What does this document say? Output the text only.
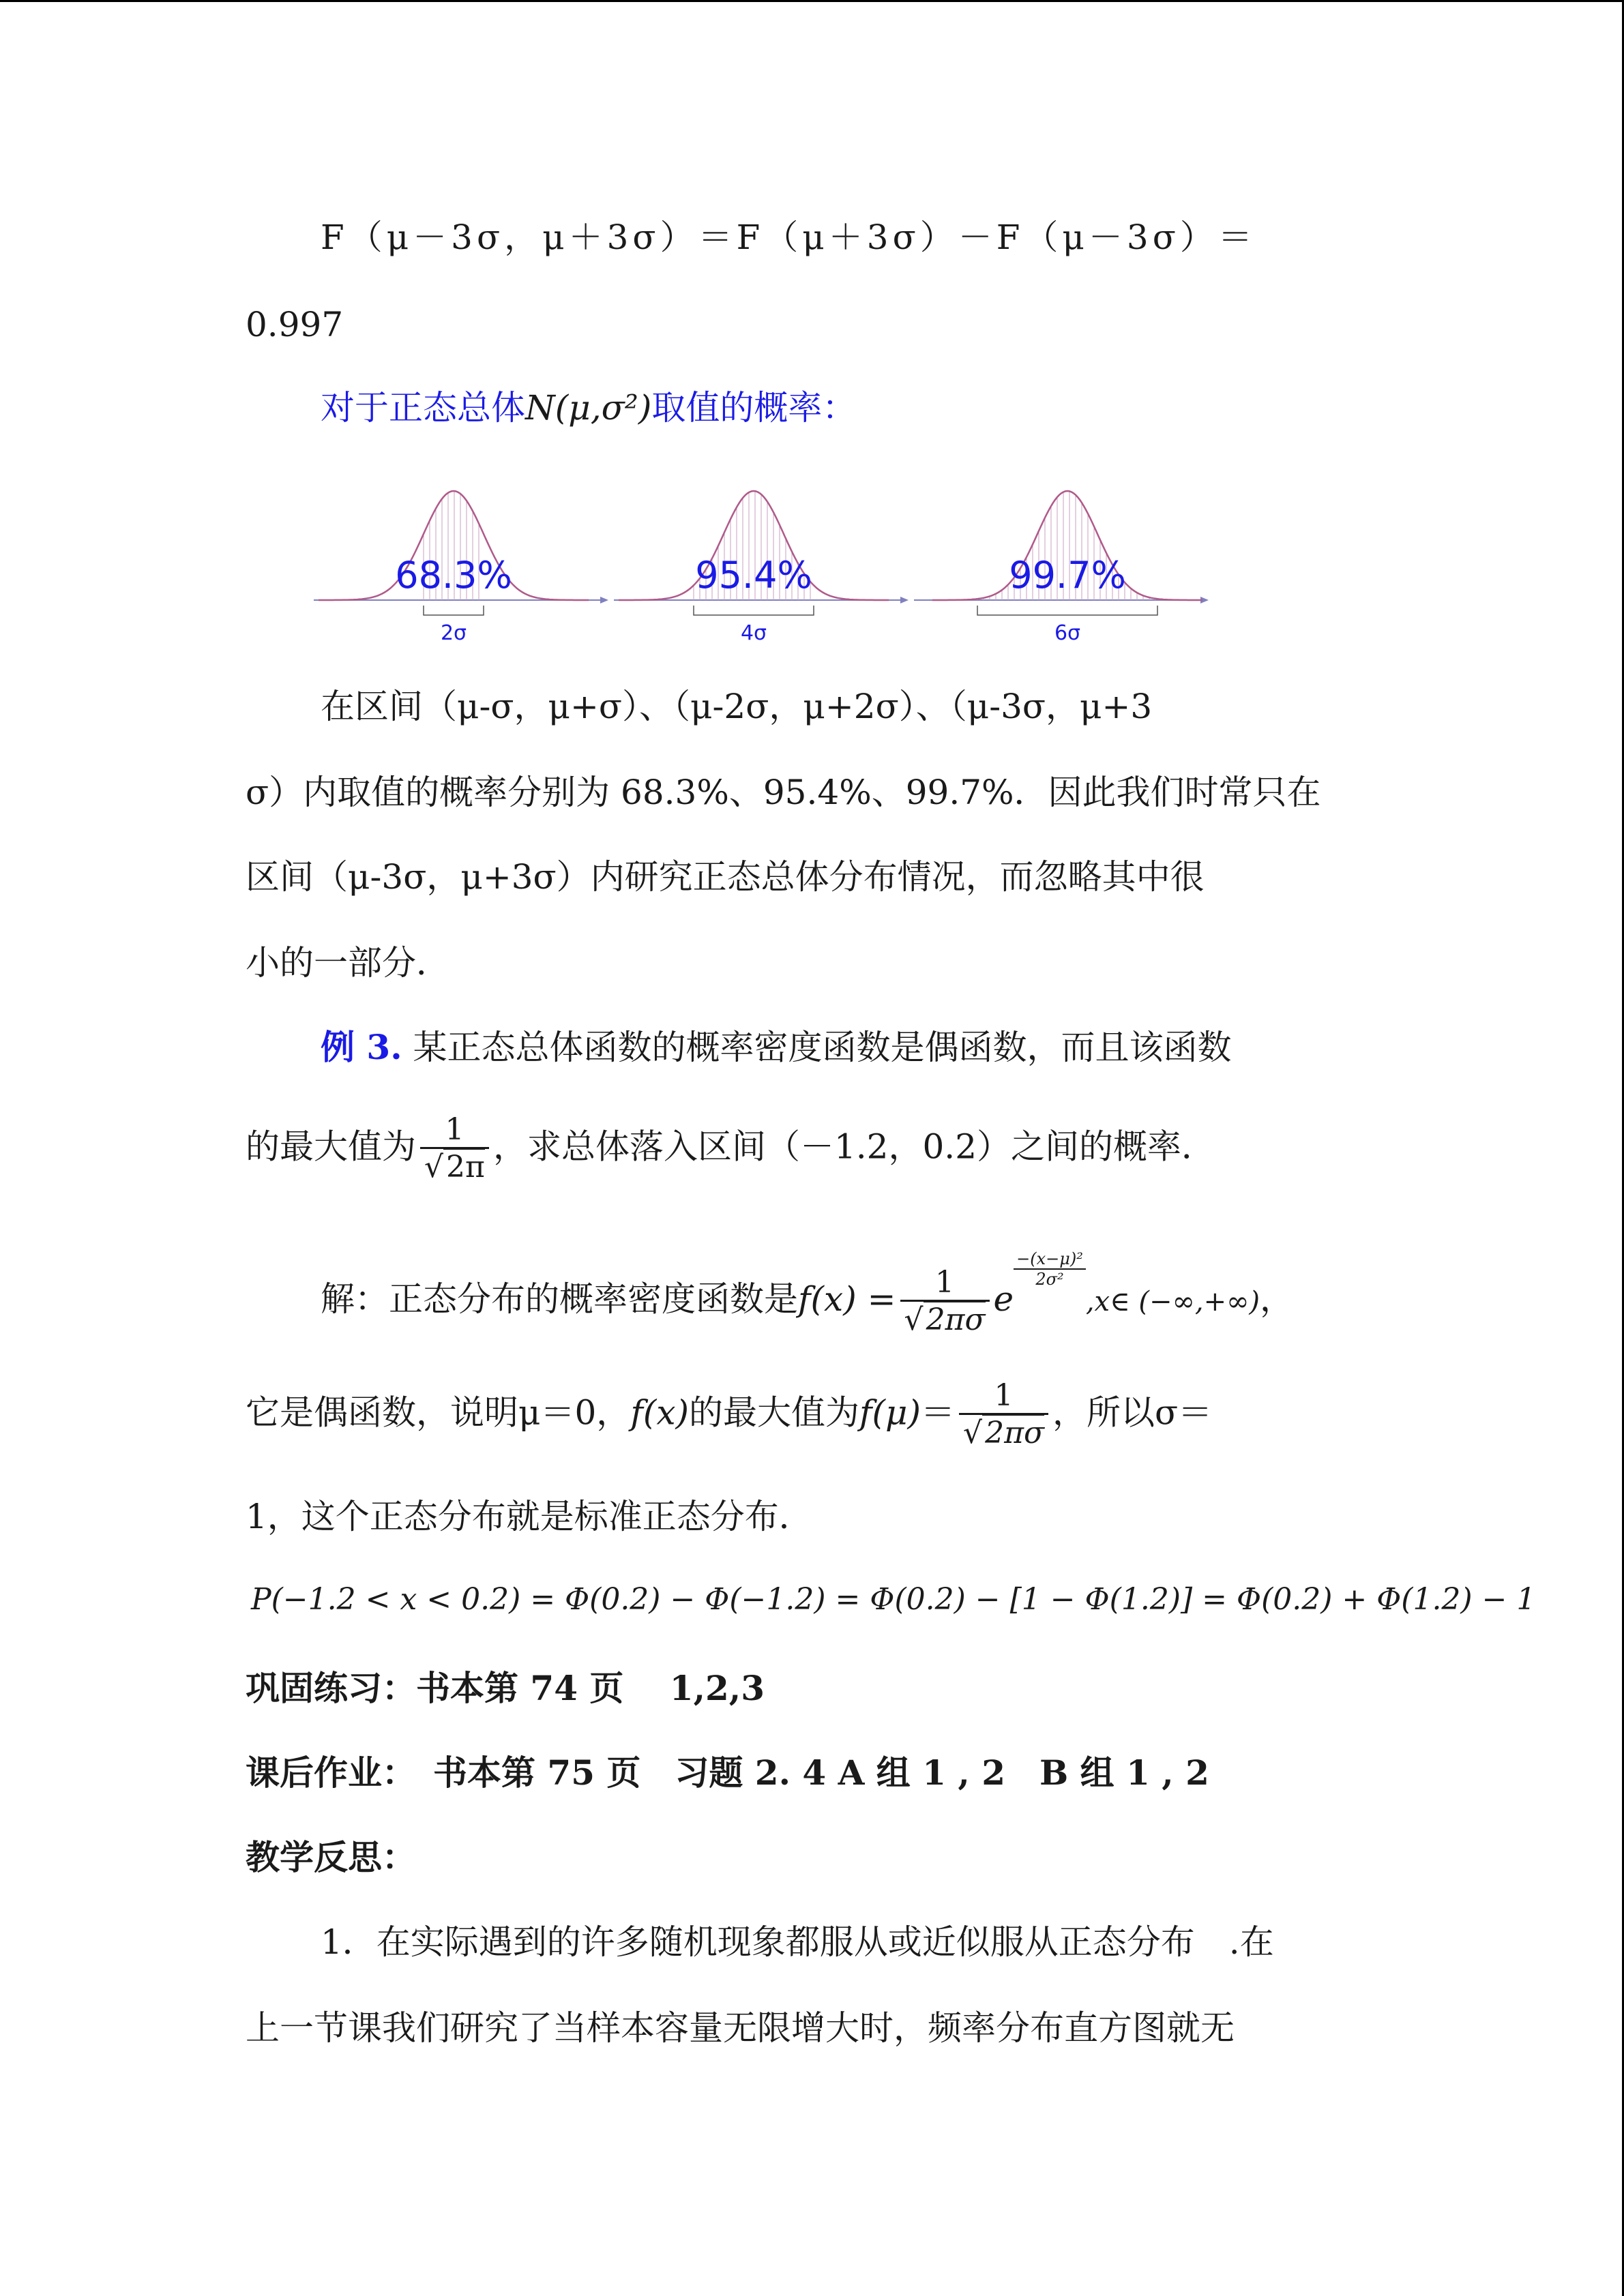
F（μ－3σ，μ＋3σ）＝F（μ＋3σ）－F（μ－3σ）＝
0.997
对于正态总体N(μ,σ²)取值的概率：
68.3%
2σ
95.4%
4σ
99.7%
6σ
在区间（μ-σ，μ+σ）、（μ-2σ，μ+2σ）、（μ-3σ，μ+3
σ）内取值的概率分别为 68.3%、95.4%、99.7%．因此我们时常只在
区间（μ-3σ，μ+3σ）内研究正态总体分布情况，而忽略其中很
小的一部分．
例 3. 某正态总体函数的概率密度函数是偶函数，而且该函数
的最大值为 $\frac{1}{√2\pi}$ ，求总体落入区间（－1.2，0.2）之间的概率．
解：正态分布的概率密度函数是$f(x) = \frac{1}{√2\pi\sigma}$ e
$\frac{\text{−(x−μ)²}}{\text{2σ²}}$
,x∈ (−∞,+∞)，
它是偶函数，说明μ＝0，f(x)的最大值为$f(\mu)= \frac{1}{√2\pi\sigma}$ ，所以σ＝
1，这个正态分布就是标准正态分布．
P(−1.2 < x < 0.2) = Φ(0.2) − Φ(−1.2) = Φ(0.2) − [1 − Φ(1.2)] = Φ(0.2) + Φ(1.2) − 1
巩固练习：书本第 74 页　 1,2,3
课后作业：　书本第 75 页　习题 2. 4 A 组 1 , 2　B 组 1 , 2
教学反思：
1．在实际遇到的许多随机现象都服从或近似服从正态分布　.在
上一节课我们研究了当样本容量无限增大时，频率分布直方图就无
